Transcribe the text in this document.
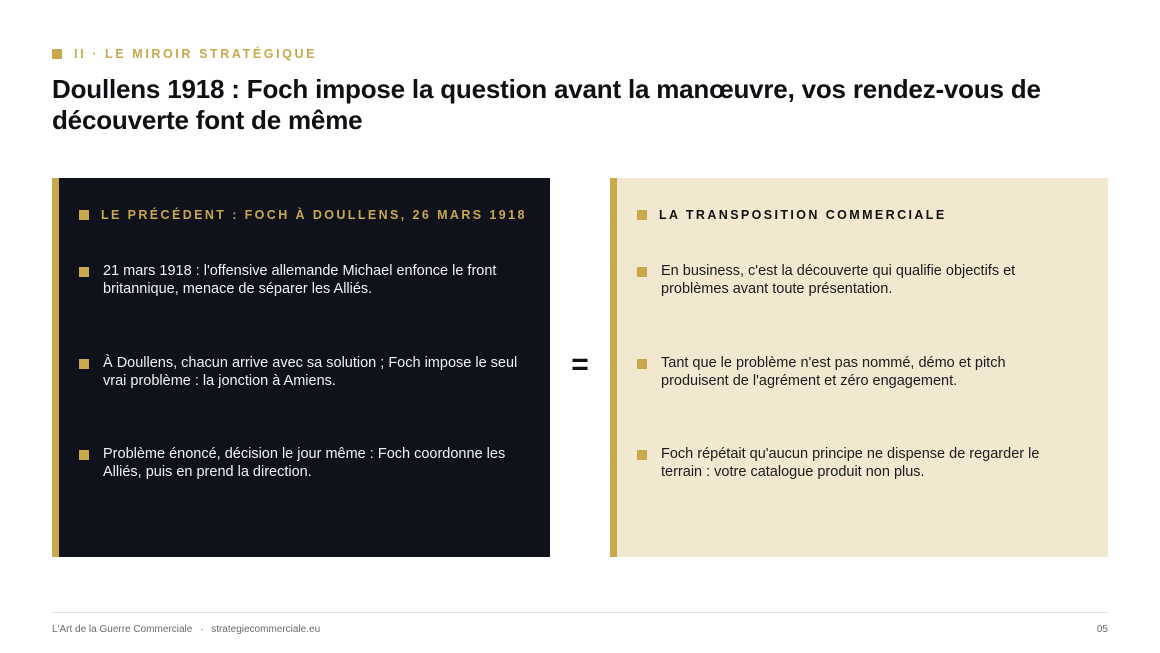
II · LE MIROIR STRATÉGIQUE
Doullens 1918 : Foch impose la question avant la manœuvre, vos rendez-vous de découverte font de même
LE PRÉCÉDENT : FOCH À DOULLENS, 26 MARS 1918
21 mars 1918 : l'offensive allemande Michael enfonce le front britannique, menace de séparer les Alliés.
À Doullens, chacun arrive avec sa solution ; Foch impose le seul vrai problème : la jonction à Amiens.
Problème énoncé, décision le jour même : Foch coordonne les Alliés, puis en prend la direction.
=
LA TRANSPOSITION COMMERCIALE
En business, c'est la découverte qui qualifie objectifs et problèmes avant toute présentation.
Tant que le problème n'est pas nommé, démo et pitch produisent de l'agrément et zéro engagement.
Foch répétait qu'aucun principe ne dispense de regarder le terrain : votre catalogue produit non plus.
L'Art de la Guerre Commerciale · strategiecommerciale.eu	05
